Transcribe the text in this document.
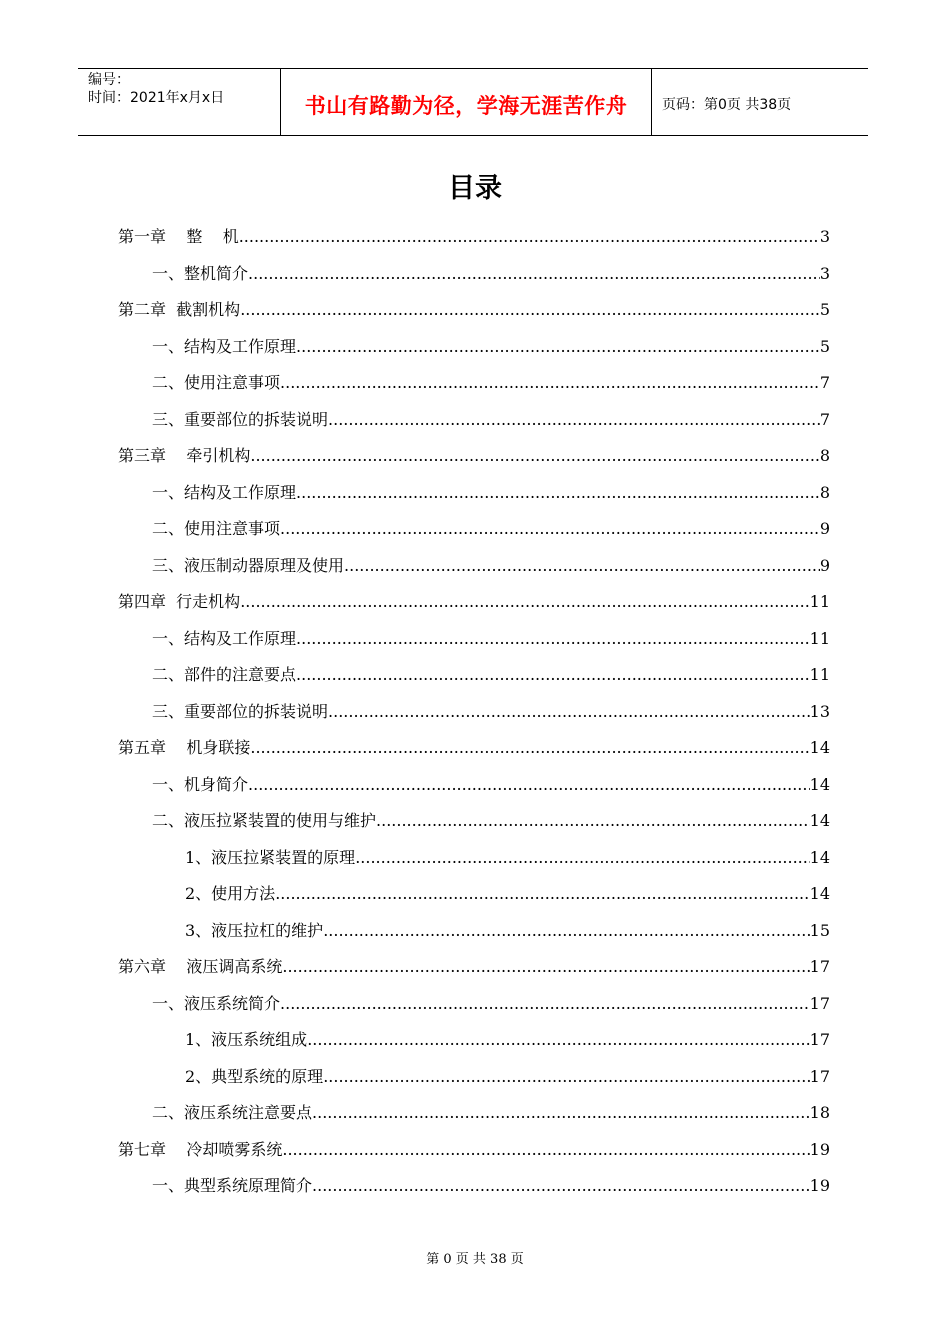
编号：
时间：2021年x月x日	书山有路勤为径，学海无涯苦作舟	页码：第0页 共38页
目录
第一章    整    机 .....	3
一、整机简介 .....	3
第二章  截割机构 .....	5
一、结构及工作原理 .....	5
二、使用注意事项 .....	7
三、重要部位的拆装说明 .....	7
第三章    牵引机构 .....	8
一、结构及工作原理 .....	8
二、使用注意事项 .....	9
三、液压制动器原理及使用 .....	9
第四章  行走机构 .....	11
一、结构及工作原理 .....	11
二、部件的注意要点 .....	11
三、重要部位的拆装说明 .....	13
第五章    机身联接 .....	14
一、机身简介 .....	14
二、液压拉紧装置的使用与维护 .....	14
1、液压拉紧装置的原理 .....	14
2、使用方法 .....	14
3、液压拉杠的维护 .....	15
第六章    液压调高系统 .....	17
一、液压系统简介 .....	17
1、液压系统组成 .....	17
2、典型系统的原理 .....	17
二、液压系统注意要点 .....	18
第七章    冷却喷雾系统 .....	19
一、典型系统原理简介 .....	19
第 0 页 共 38 页
